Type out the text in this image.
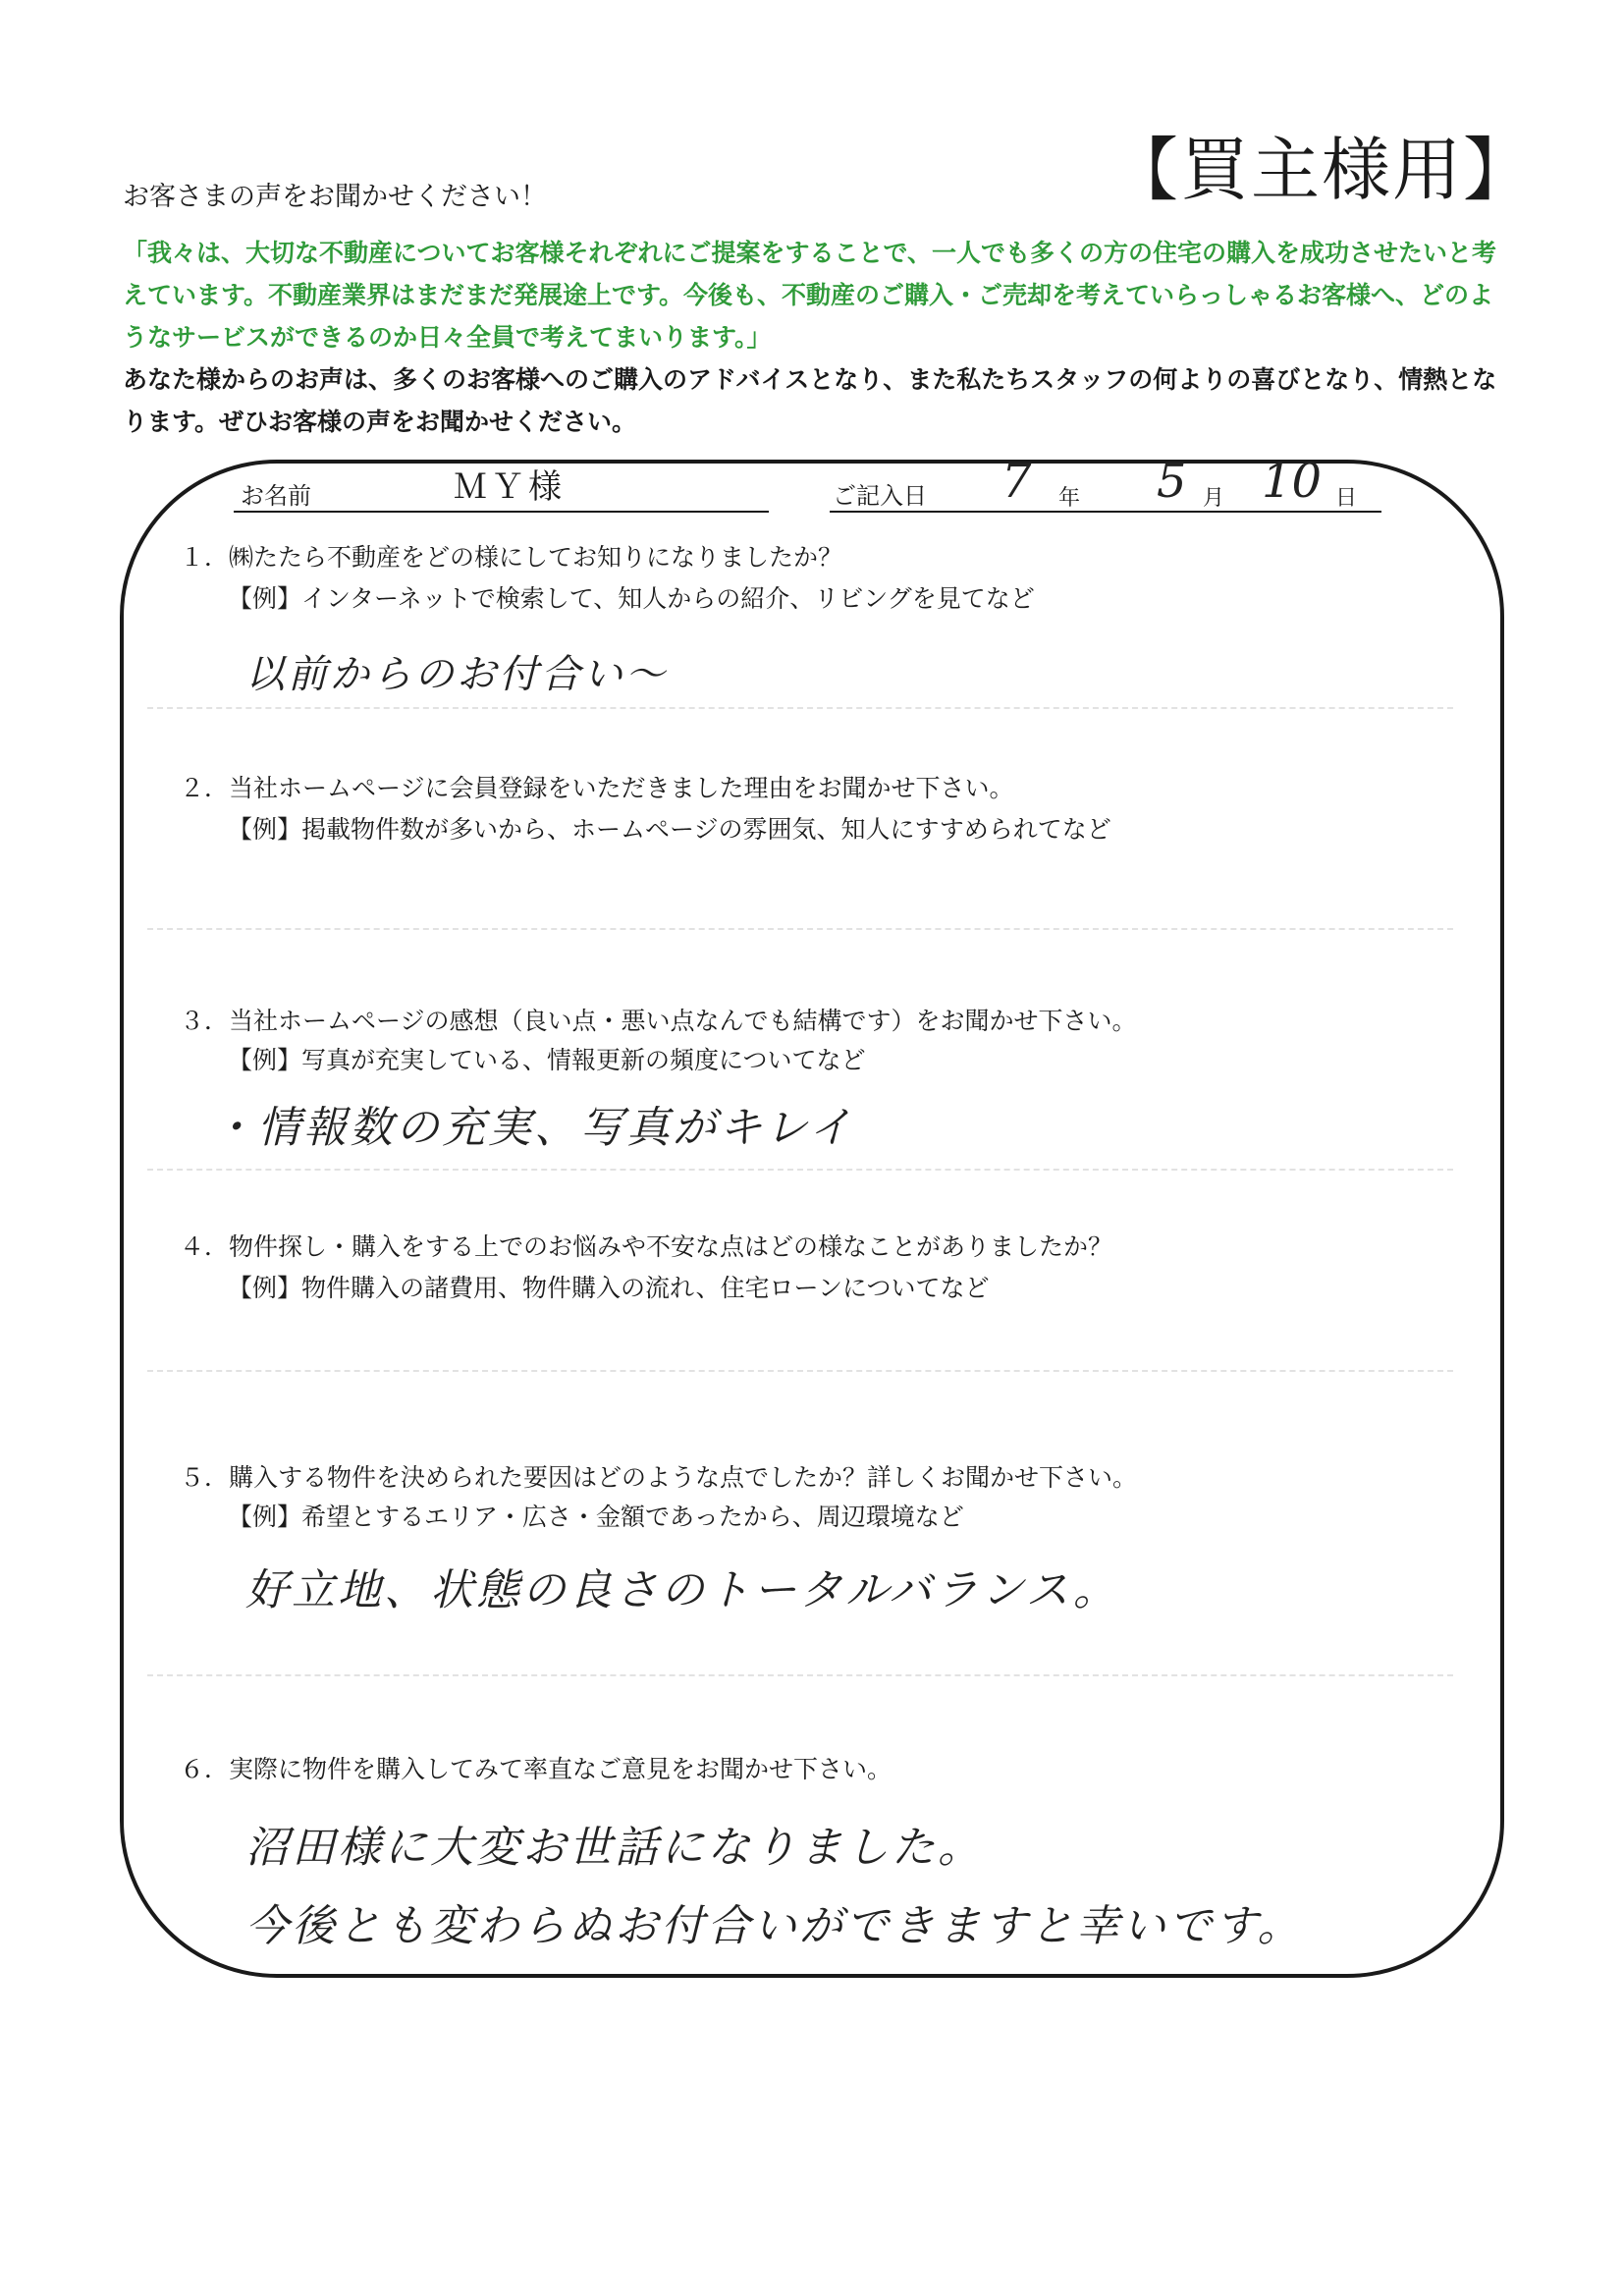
お客さまの声をお聞かせください！	【買主様用】
「我々は、大切な不動産についてお客様それぞれにご提案をすることで、一人でも多くの方の住宅の購入を成功させたいと考えています。不動産業界はまだまだ発展途上です。今後も、不動産のご購入・ご売却を考えていらっしゃるお客様へ、どのようなサービスができるのか日々全員で考えてまいります。」
あなた様からのお声は、多くのお客様へのご購入のアドバイスとなり、また私たちスタッフの何よりの喜びとなり、情熱となります。ぜひお客様の声をお聞かせください。
お名前	ＭＹ様	ご記入日 7 年 5 月 10 日
１．㈱たたら不動産をどの様にしてお知りになりましたか？
【例】インターネットで検索して、知人からの紹介、リビングを見てなど
以前からのお付合い～
２．当社ホームページに会員登録をいただきました理由をお聞かせ下さい。
【例】掲載物件数が多いから、ホームページの雰囲気、知人にすすめられてなど
３．当社ホームページの感想（良い点・悪い点なんでも結構です）をお聞かせ下さい。
【例】写真が充実している、情報更新の頻度についてなど
・情報数の充実、写真がキレイ
４．物件探し・購入をする上でのお悩みや不安な点はどの様なことがありましたか？
【例】物件購入の諸費用、物件購入の流れ、住宅ローンについてなど
５．購入する物件を決められた要因はどのような点でしたか？詳しくお聞かせ下さい。
【例】希望とするエリア・広さ・金額であったから、周辺環境など
好立地、状態の良さのトータルバランス。
６．実際に物件を購入してみて率直なご意見をお聞かせ下さい。
沼田様に大変お世話になりました。
今後とも変わらぬお付合いができますと幸いです。
